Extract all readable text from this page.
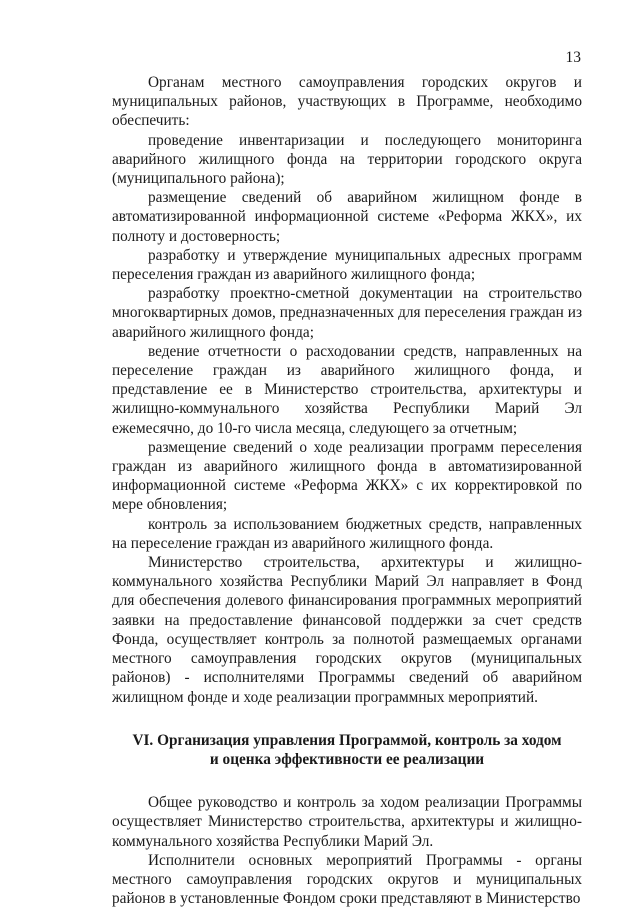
13

Органам местного самоуправления городских округов и муниципальных районов, участвующих в Программе, необходимо обеспечить:

проведение инвентаризации и последующего мониторинга аварийного жилищного фонда на территории городского округа (муниципального района);

размещение сведений об аварийном жилищном фонде в автоматизированной информационной системе «Реформа ЖКХ», их полноту и достоверность;

разработку и утверждение муниципальных адресных программ переселения граждан из аварийного жилищного фонда;

разработку проектно-сметной документации на строительство многоквартирных домов, предназначенных для переселения граждан из аварийного жилищного фонда;

ведение отчетности о расходовании средств, направленных на переселение граждан из аварийного жилищного фонда, и представление ее в Министерство строительства, архитектуры и жилищно-коммунального хозяйства Республики Марий Эл ежемесячно, до 10-го числа месяца, следующего за отчетным;

размещение сведений о ходе реализации программ переселения граждан из аварийного жилищного фонда в автоматизированной информационной системе «Реформа ЖКХ» с их корректировкой по мере обновления;

контроль за использованием бюджетных средств, направленных на переселение граждан из аварийного жилищного фонда.

Министерство строительства, архитектуры и жилищно-коммунального хозяйства Республики Марий Эл направляет в Фонд для обеспечения долевого финансирования программных мероприятий заявки на предоставление финансовой поддержки за счет средств Фонда, осуществляет контроль за полнотой размещаемых органами местного самоуправления городских округов (муниципальных районов) - исполнителями Программы сведений об аварийном жилищном фонде и ходе реализации программных мероприятий.

VI. Организация управления Программой, контроль за ходом
и оценка эффективности ее реализации

Общее руководство и контроль за ходом реализации Программы осуществляет Министерство строительства, архитектуры и жилищно-коммунального хозяйства Республики Марий Эл.

Исполнители основных мероприятий Программы - органы местного самоуправления городских округов и муниципальных районов в установленные Фондом сроки представляют в Министерство
